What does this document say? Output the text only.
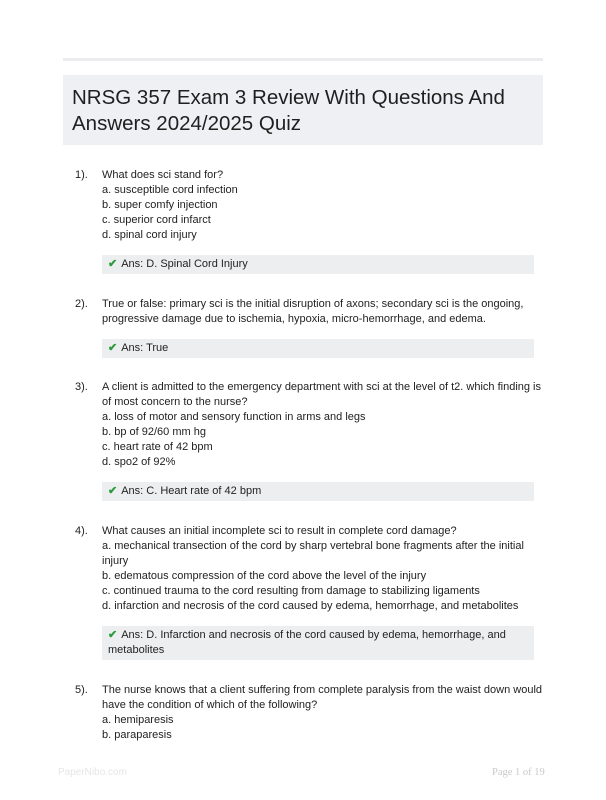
NRSG 357 Exam 3 Review With Questions And Answers 2024/2025 Quiz
1). What does sci stand for?
a. susceptible cord infection
b. super comfy injection
c. superior cord infarct
d. spinal cord injury
✔ Ans: D. Spinal Cord Injury
2). True or false: primary sci is the initial disruption of axons; secondary sci is the ongoing,
progressive damage due to ischemia, hypoxia, micro-hemorrhage, and edema.
✔ Ans: True
3). A client is admitted to the emergency department with sci at the level of t2. which finding is
of most concern to the nurse?
a. loss of motor and sensory function in arms and legs
b. bp of 92/60 mm hg
c. heart rate of 42 bpm
d. spo2 of 92%
✔ Ans: C. Heart rate of 42 bpm
4). What causes an initial incomplete sci to result in complete cord damage?
a. mechanical transection of the cord by sharp vertebral bone fragments after the initial
injury
b. edematous compression of the cord above the level of the injury
c. continued trauma to the cord resulting from damage to stabilizing ligaments
d. infarction and necrosis of the cord caused by edema, hemorrhage, and metabolites
✔ Ans: D. Infarction and necrosis of the cord caused by edema, hemorrhage, and metabolites
5). The nurse knows that a client suffering from complete paralysis from the waist down would
have the condition of which of the following?
a. hemiparesis
b. paraparesis
PaperNibo.com	Page 1 of 19
